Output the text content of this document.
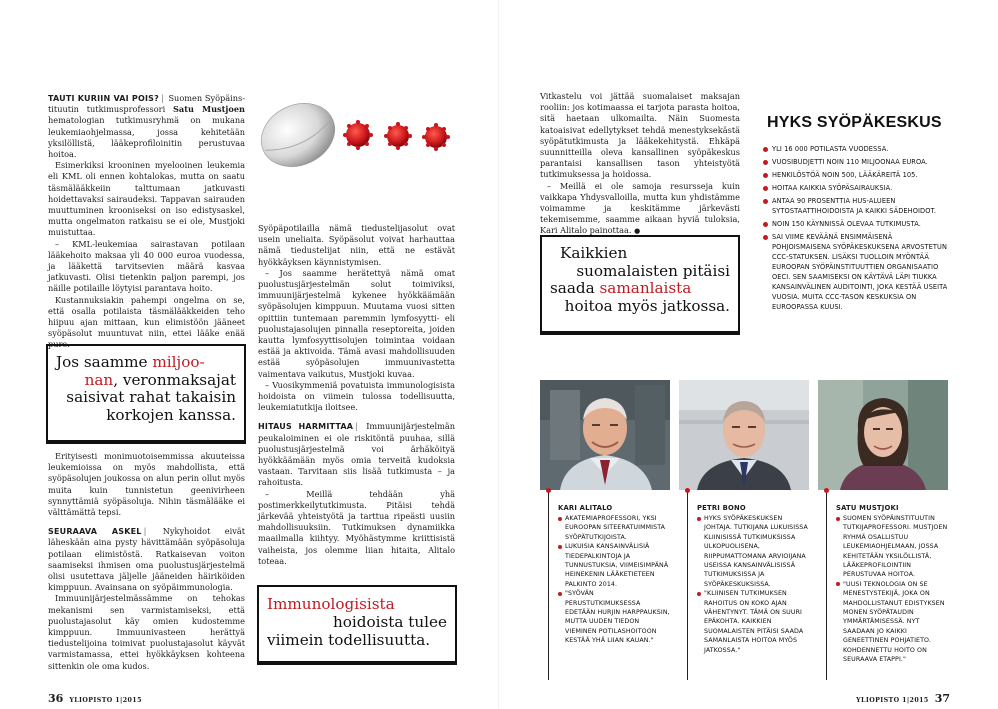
TAUTI KURIIN VAI POIS? | Suomen Syöpäins-tituutin tutkimusprofessori Satu Mustjoen hematologian tutkimusryhmä on mukana leukemiaohjelmassa, jossa kehitetään yksilöllistä, lääkeprofiloinitin perustuvaa hoitoa.

Esimerkiksi krooninen myelooinen leukemia eli KML oli ennen kohtalokas, mutta on saatu täsmälääkkeiin talttumaan jatkuvasti hoidettavaksi sairaudeksi. Tappavan sairauden muuttuminen krooniseksi on iso edistysaskel, mutta ongelmaton ratkaisu se ei ole, Mustjoki muistuttaa.

– KML-leukemiaa sairastavan potilaan lääkehoito maksaa yli 40 000 euroa vuodessa, ja lääkettä tarvitsevien määrä kasvaa jatkuvasti. Olisi tietenkin paljon parempi, jos näille potilaille löytyisi parantava hoito.

Kustannuksiakin pahempi ongelma on se, että osalla potilaista täsmälääkkeiden teho hiipuu ajan mittaan, kun elimistöön jääneet syöpäsolut muuntuvat niin, ettei lääke enää pure.

Jos saamme miljoo-
nan, veronmaksajat
saisivat rahat takaisin
korkojen kanssa.

Erityisesti monimuotoisemmissa akuuteissa leukemioissa on myös mahdollista, että syöpäsolujen joukossa on alun perin ollut myös muita kuin tunnistetun geenivirheen synnyttämiä syöpäsoluja. Nihin täsmälääke ei välttämättä tepsi.

SEURAAVA ASKEL | Nykyhoidot eivät läheskään aina pysty hävittämään syöpäsoluja potilaan elimistöstä. Ratkaisevan voiton saamiseksi ihmisen oma puolustusjärjestelmä olisi usutettava jäljelle jääneiden häiriköiden kimppuun. Avainsana on syöpäimmunologia.

Immuunijärjestelmässämme on tehokas mekanismi sen varmistamiseksi, että puolustajasolut käy omien kudostemme kimppuun. Immuunivasteen herättyä tiedustelijoina toimivat puolustajasolut käyvät varmistamassa, ettei hyökkäyksen kohteena sittenkin ole oma kudos.

Syöpäpotilailla nämä tiedustelijasolut ovat usein uneliaita. Syöpäsolut voivat harhauttaa nämä tiedustelijat niin, että ne estävät hyökkäyksen käynnistymisen.

– Jos saamme herätettyä nämä omat puolustusjärjestelmän solut toimiviksi, immuunijärjestelmä kykenee hyökkäämään syöpäsolujen kimppuun. Muutama vuosi sitten opittiin tuntemaan paremmin lymfosyytti- eli puolustajasolujen pinnalla reseptoreita, joiden kautta lymfosyyttisolujen toimintaa voidaan estää ja aktivoida. Tämä avasi mahdollisuuden estää syöpäsolujen immuunivastetta vaimentava vaikutus, Mustjoki kuvaa.

– Vuosikymmeniä povatuista immunologisista hoidoista on viimein tulossa todellisuutta, leukemiatutkija iloitsee.

HITAUS HARMITTAA | Immuunijärjestelmän peukaloiminen ei ole riskitöntä puuhaa, sillä puolustusjärjestelmä voi ärhäköityä hyökkäämään myös omia terveitä kudoksia vastaan. Tarvitaan siis lisää tutkimusta – ja rahoitusta.

– Meillä tehdään yhä postimerkkeilytutkimusta. Pitäisi tehdä järkevää yhteistyötä ja tarttua ripeästi uusiin mahdollisuuksiin. Tutkimuksen dynamiikka maailmalla kiihtyy. Myöhästymme kriittisistä vaiheista, jos olemme liian hitaita, Alitalo toteaa.

Immunologisista
hoidoista tulee
viimein todellisuutta.
36 YLIOPISTO 1|2015

Vitkastelu voi jättää suomalaiset maksajan rooliin: jos kotimaassa ei tarjota parasta hoitoa, sitä haetaan ulkomailta. Näin Suomesta katoaisivat edellytykset tehdä menestyksekästä syöpätutkimusta ja lääkekehitystä. Ehkäpä suunnitteilla oleva kansallinen syöpäkeskus parantaisi kansallisen tason yhteistyötä tutkimuksessa ja hoidossa.

– Meillä ei ole samoja resursseja kuin vaikkapa Yhdysvalloilla, mutta kun yhdistämme voimamme ja keskitämme järkevästi tekemisemme, saamme aikaan hyviä tuloksia, Kari Alitalo painottaa. ●

Kaikkien
suomalaisten pitäisi
saada samanlaista
hoitoa myös jatkossa.
HYKS SYÖPÄKESKUS
YLI 16 000 POTILASTA VUODESSA.
VUOSIBUDJETTI NOIN 110 MILJOONAA EUROA.
HENKILÖSTÖÄ NOIN 500, LÄÄKÄREITÄ 105.
HOITAA KAIKKIA SYÖPÄSAIRAUKSIA.
ANTAA 90 PROSENTTIA HUS-ALUEEN SYTOSTAATTIHOIDOISTA JA KAIKKI SÄDEHOIDOT.
NOIN 150 KÄYNNISSÄ OLEVAA TUTKIMUSTA.
SAI VIIME KEVÄÄNÄ ENSIMMÄISENÄ POHJOISMAISENA SYÖPÄKESKUKSENA ARVOSTETUN CCC-STATUKSEN. LISÄKSI TUOLLOIN MYÖNTÄÄ EUROOPAN SYÖPÄINSTITUUTTIEN ORGANISAATIO OECI. SEN SAAMISEKSI ON KÄYTÄVÄ LÄPI TIUKKA KANSAINVÄLINEN AUDITOINTI, JOKA KESTÄÄ USEITA VUOSIA. MUITA CCC-TASON KESKUKSIA ON EUROOPASSA KUUSI.
KARI ALITALO
AKATEMIAPROFESSORI, YKSI EUROOPAN SITEERATUIMMISTA SYÖPÄTUTKIJOISTA.
LUKUISIA KANSAINVÄLISIÄ TIEDEPALKINTOJA JA TUNNUSTUKSIA, VIIMEISIMPÄNÄ HEINEKENIN LÄÄKETIETEEN PALKINTO 2014.
"SYÖVÄN PERUSTUTKIMUKSESSA EDETÄÄN HURJIN HARPPAUKSIN, MUTTA UUDEN TIEDON VIEMINEN POTILASHOITOON KESTÄÄ YHÄ LIIAN KAUAN."
PETRI BONO
HYKS SYÖPÄKESKUKSEN JOHTAJA. TUTKIJANA LUKUISISSA KLIINISISSÄ TUTKIMUKSISSA ULKOPUOLISENA, RIIPPUMATTOMANA ARVIOIJANA USEISSA KANSAINVÄLISISSÄ TUTKIMUKSISSA JA SYÖPÄKESKUKSISSA.
"KLIINISEN TUTKIMUKSEN RAHOITUS ON KOKO AJAN VÄHENTYNYT. TÄMÄ ON SUURI EPÄKOHTA. KAIKKIEN SUOMALAISTEN PITÄISI SAADA SAMANLAISTA HOITOA MYÖS JATKOSSA."
SATU MUSTJOKI
SUOMEN SYÖPÄINSTITUUTIN TUTKIJAPROFESSORI. MUSTJOEN RYHMÄ OSALLISTUU LEUKEMIAOHJELMAAN, JOSSA KEHITETÄÄN YKSILÖLLISTÄ, LÄÄKEPROFILOINTIIN PERUSTUVAA HOITOA.
"UUSI TEKNOLOGIA ON SE MENESTYSTEKIJÄ, JOKA ON MAHDOLLISTANUT EDISTYKSEN MONEN SYÖPÄTAUDIN YMMÄRTÄMISESSÄ. NYT SAADAAN JO KAIKKI GENEETTINEN POHJATIETO. KOHDENNETTU HOITO ON SEURAAVA ETAPPI."
YLIOPISTO 1|2015 37
